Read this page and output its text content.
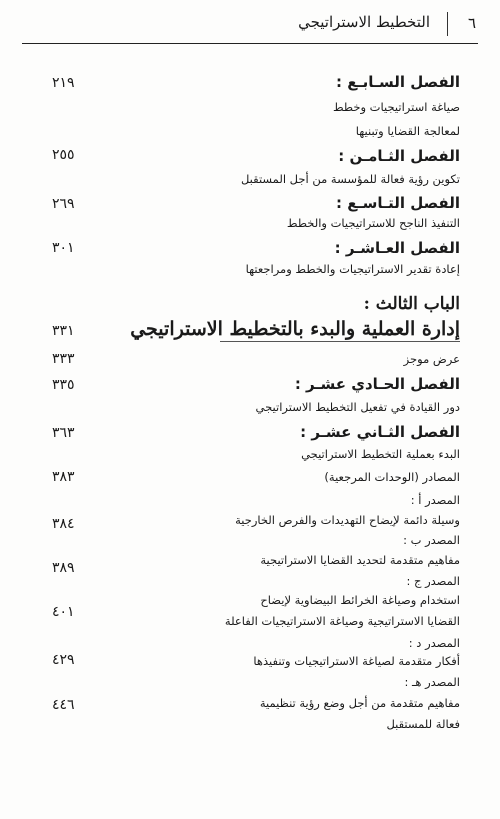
٦
التخطيط الاستراتيجي
الفصل السـابـع :
٢١٩
صياغة استراتيجيات وخطط
لمعالجة القضايا وتبنيها
الفصل الثـامـن :
٢٥٥
تكوين رؤية فعالة للمؤسسة من أجل المستقبل
الفصل التـاسـع :
٢٦٩
التنفيذ الناجح للاستراتيجيات والخطط
الفصل العـاشـر :
٣٠١
إعادة تقدير الاستراتيجيات والخطط ومراجعتها
الباب الثالث :
إدارة العملية والبدء بالتخطيط الاستراتيجي
٣٣١
عرض موجز
٣٣٣
الفصل الحـادي عشـر :
٣٣٥
دور القيادة في تفعيل التخطيط الاستراتيجي
الفصل الثـاني عشـر :
٣٦٣
البدء بعملية التخطيط الاستراتيجي
المصادر (الوحدات المرجعية)
٣٨٣
المصدر أ :
وسيلة دائمة لإيضاح التهديدات والفرص الخارجية
٣٨٤
المصدر ب :
مفاهيم متقدمة لتحديد القضايا الاستراتيجية
٣٨٩
المصدر ج :
استخدام وصياغة الخرائط البيضاوية لإيضاح
القضايا الاستراتيجية وصياغة الاستراتيجيات الفاعلة
٤٠١
المصدر د :
أفكار متقدمة لصياغة الاستراتيجيات وتنفيذها
٤٢٩
المصدر هـ :
مفاهيم متقدمة من أجل وضع رؤية تنظيمية
فعالة للمستقبل
٤٤٦
